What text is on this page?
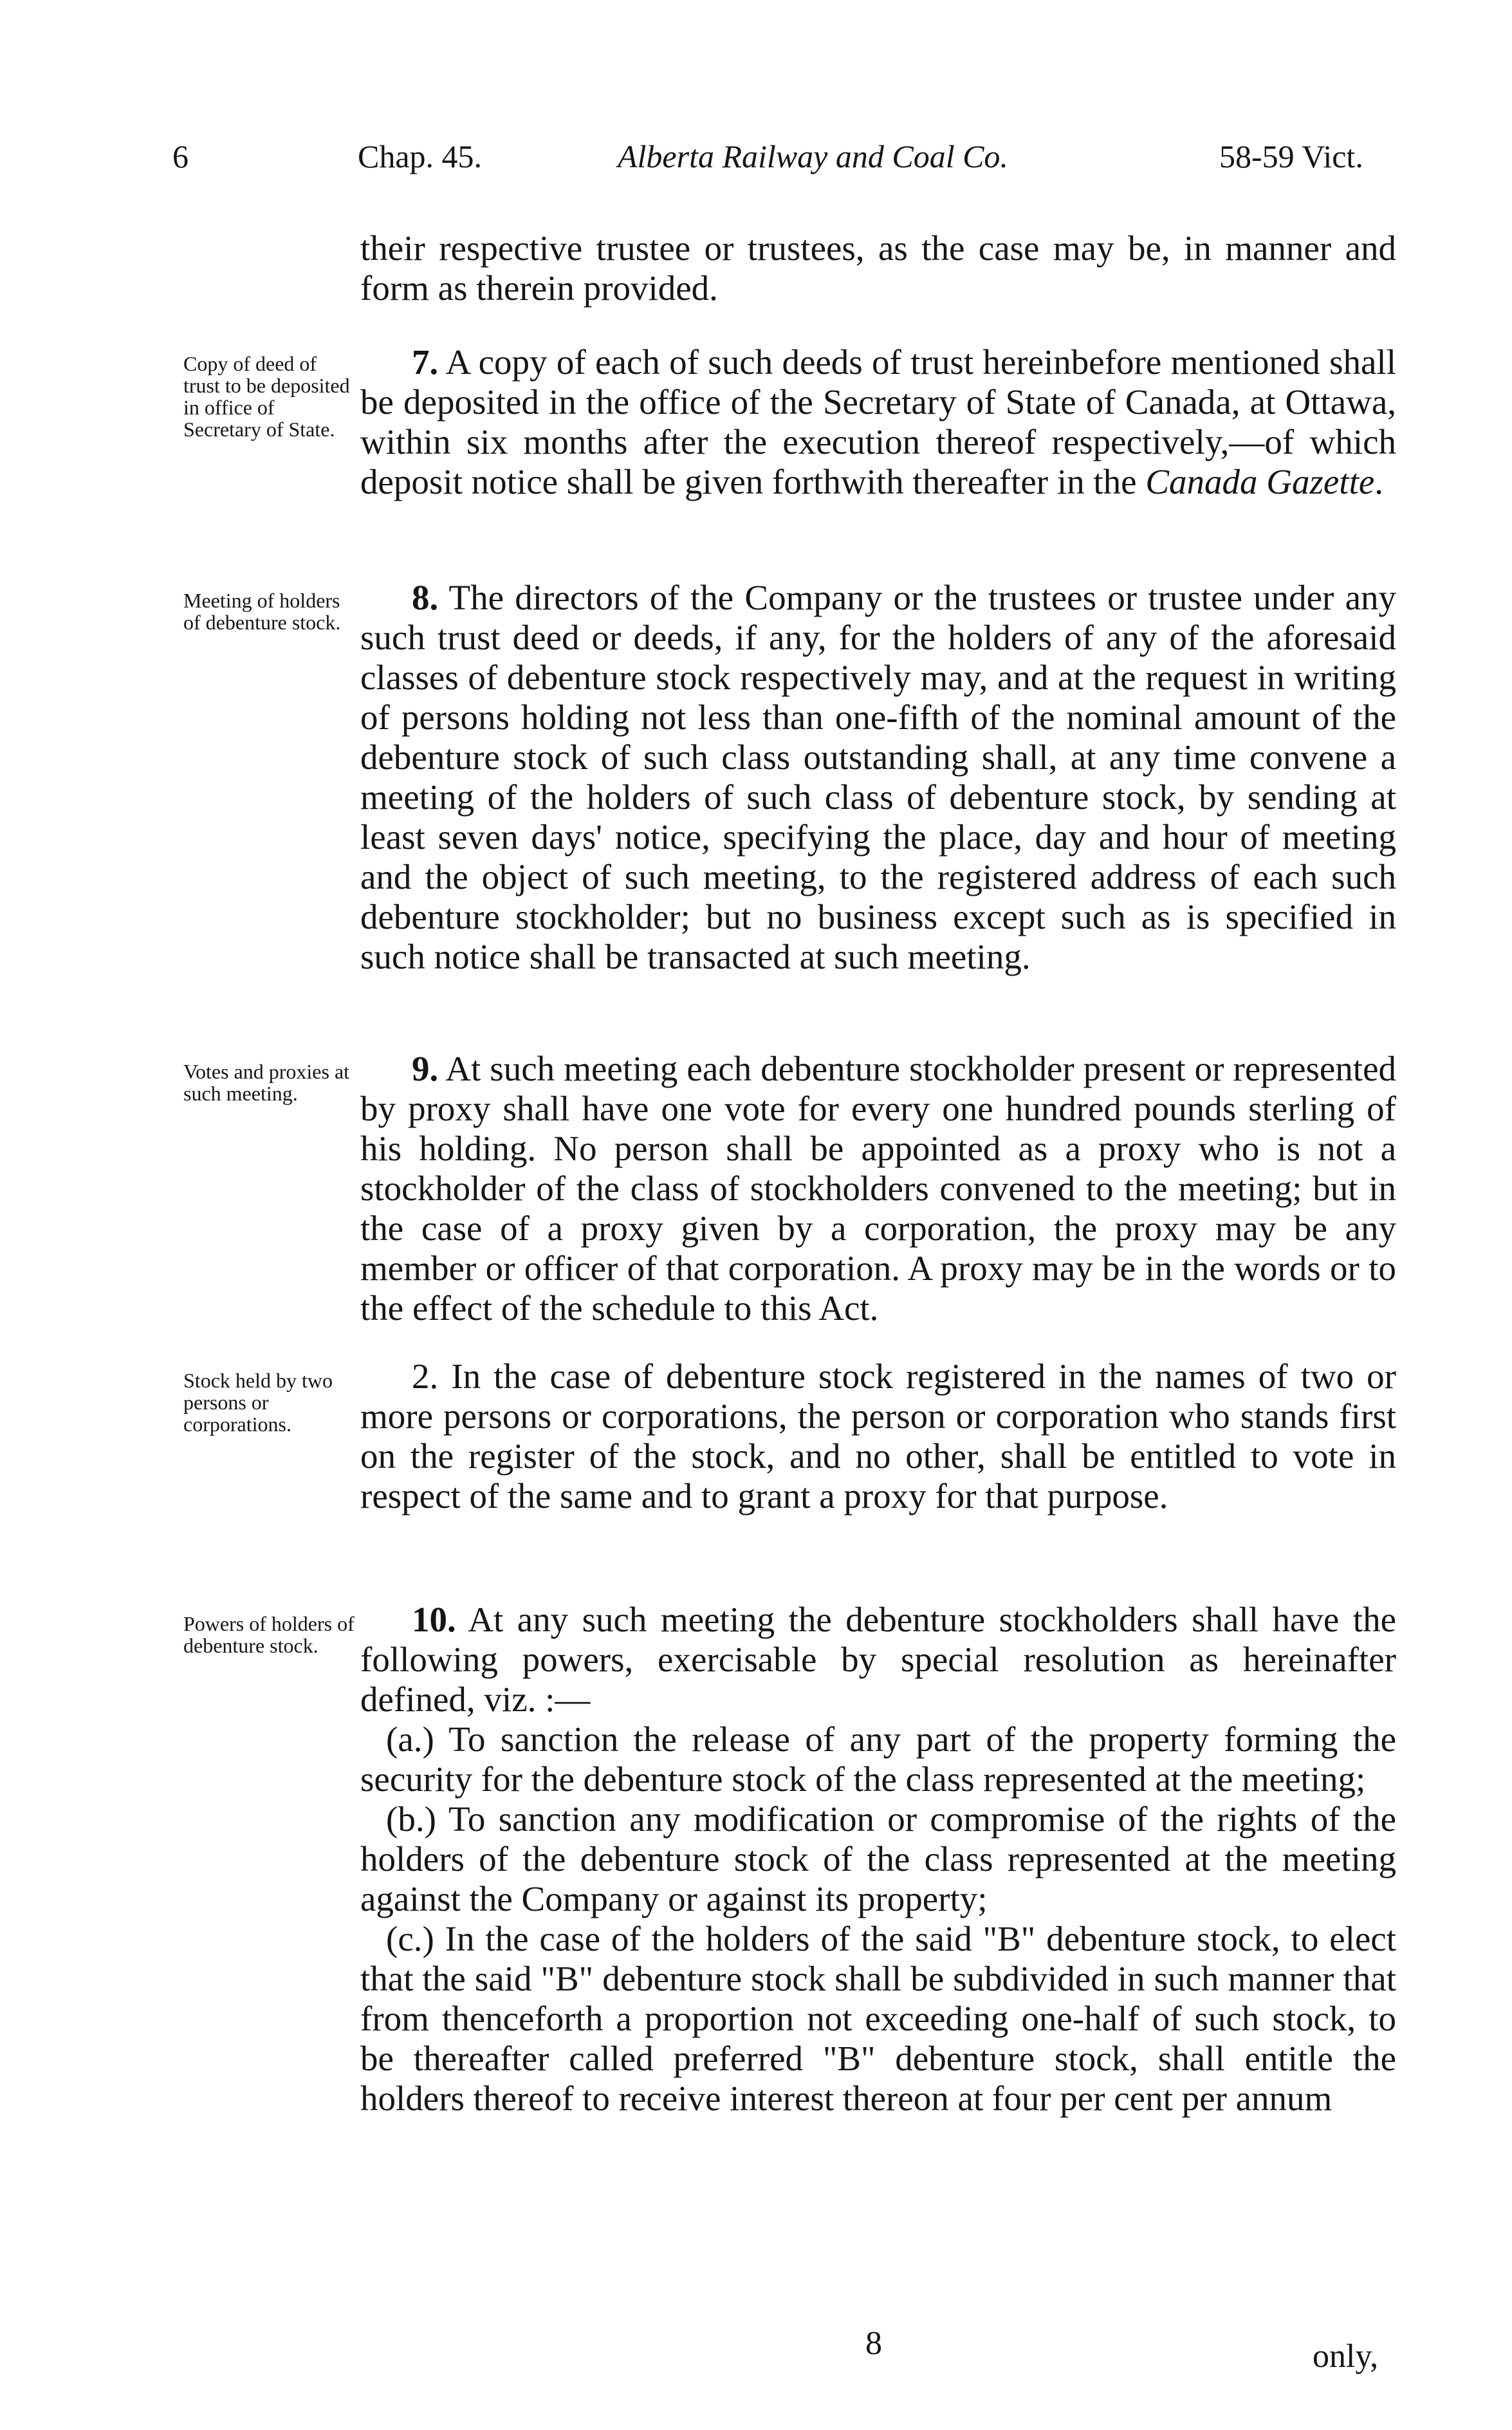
6	Chap. 45.	Alberta Railway and Coal Co.	58-59 Vict.

their respective trustee or trustees, as the case may be, in manner and form as therein provided.

Copy of deed of trust to be deposited in office of Secretary of State.

7. A copy of each of such deeds of trust hereinbefore mentioned shall be deposited in the office of the Secretary of State of Canada, at Ottawa, within six months after the execution thereof respectively,—of which deposit notice shall be given forthwith thereafter in the Canada Gazette.

Meeting of holders of debenture stock.

8. The directors of the Company or the trustees or trustee under any such trust deed or deeds, if any, for the holders of any of the aforesaid classes of debenture stock respectively may, and at the request in writing of persons holding not less than one-fifth of the nominal amount of the debenture stock of such class outstanding shall, at any time convene a meeting of the holders of such class of debenture stock, by sending at least seven days' notice, specifying the place, day and hour of meeting and the object of such meeting, to the registered address of each such debenture stockholder; but no business except such as is specified in such notice shall be transacted at such meeting.

Votes and proxies at such meeting.

9. At such meeting each debenture stockholder present or represented by proxy shall have one vote for every one hundred pounds sterling of his holding. No person shall be appointed as a proxy who is not a stockholder of the class of stockholders convened to the meeting; but in the case of a proxy given by a corporation, the proxy may be any member or officer of that corporation. A proxy may be in the words or to the effect of the schedule to this Act.

Stock held by two persons or corporations.

2. In the case of debenture stock registered in the names of two or more persons or corporations, the person or corporation who stands first on the register of the stock, and no other, shall be entitled to vote in respect of the same and to grant a proxy for that purpose.

Powers of holders of debenture stock.

10. At any such meeting the debenture stockholders shall have the following powers, exercisable by special resolution as hereinafter defined, viz. :—

(a.) To sanction the release of any part of the property forming the security for the debenture stock of the class represented at the meeting;

(b.) To sanction any modification or compromise of the rights of the holders of the debenture stock of the class represented at the meeting against the Company or against its property;

(c.) In the case of the holders of the said "B" debenture stock, to elect that the said "B" debenture stock shall be subdivided in such manner that from thenceforth a proportion not exceeding one-half of such stock, to be thereafter called preferred "B" debenture stock, shall entitle the holders thereof to receive interest thereon at four per cent per annum

8	only,
